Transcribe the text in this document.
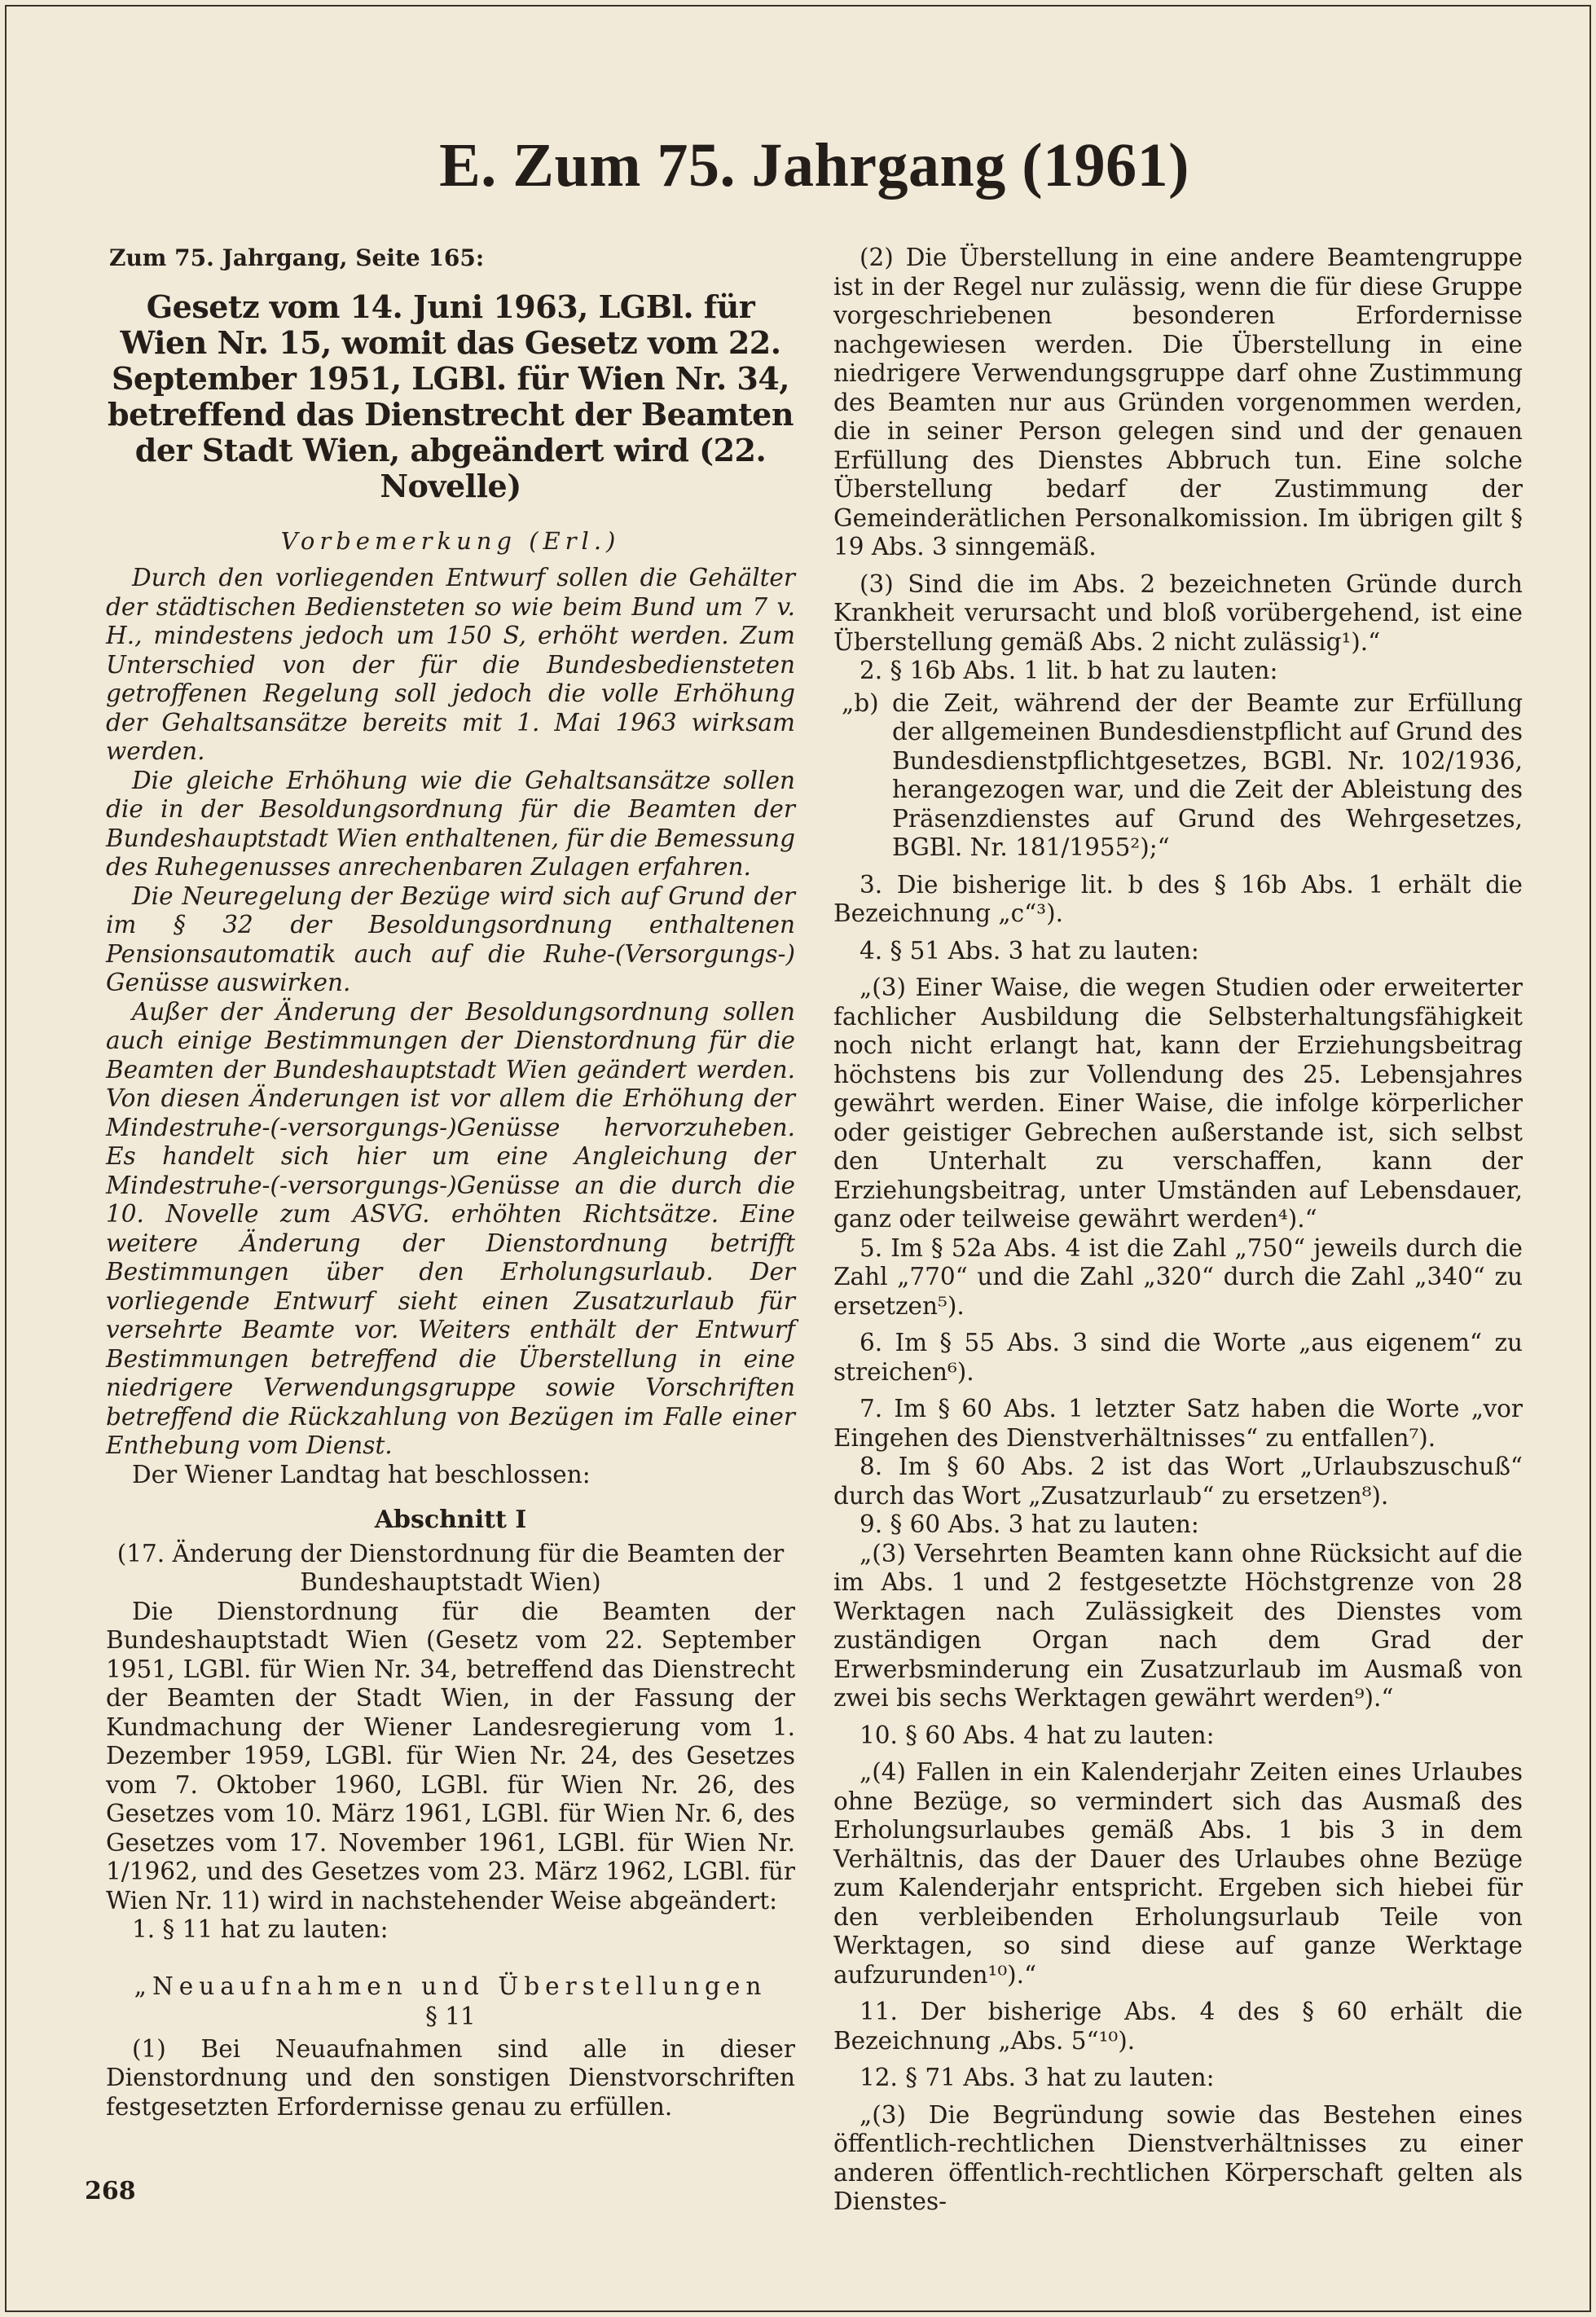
E. Zum 75. Jahrgang (1961)

Zum 75. Jahrgang, Seite 165:

Gesetz vom 14. Juni 1963, LGBl. für Wien Nr. 15, womit das Gesetz vom 22. September 1951, LGBl. für Wien Nr. 34, betreffend das Dienstrecht der Beamten der Stadt Wien, abgeändert wird (22. Novelle)

Vorbemerkung (Erl.)

Durch den vorliegenden Entwurf sollen die Gehälter der städtischen Bediensteten so wie beim Bund um 7 v. H., mindestens jedoch um 150 S, erhöht werden. Zum Unterschied von der für die Bundesbediensteten getroffenen Regelung soll jedoch die volle Erhöhung der Gehaltsansätze bereits mit 1. Mai 1963 wirksam werden.

Die gleiche Erhöhung wie die Gehaltsansätze sollen die in der Besoldungsordnung für die Beamten der Bundeshauptstadt Wien enthaltenen, für die Bemessung des Ruhegenusses anrechenbaren Zulagen erfahren.

Die Neuregelung der Bezüge wird sich auf Grund der im § 32 der Besoldungsordnung enthaltenen Pensionsautomatik auch auf die Ruhe-(Versorgungs-) Genüsse auswirken.

Außer der Änderung der Besoldungsordnung sollen auch einige Bestimmungen der Dienstordnung für die Beamten der Bundeshauptstadt Wien geändert werden. Von diesen Änderungen ist vor allem die Erhöhung der Mindestruhe-(-versorgungs-)Genüsse hervorzuheben. Es handelt sich hier um eine Angleichung der Mindestruhe-(-versorgungs-)Genüsse an die durch die 10. Novelle zum ASVG. erhöhten Richtsätze. Eine weitere Änderung der Dienstordnung betrifft Bestimmungen über den Erholungsurlaub. Der vorliegende Entwurf sieht einen Zusatzurlaub für versehrte Beamte vor. Weiters enthält der Entwurf Bestimmungen betreffend die Überstellung in eine niedrigere Verwendungsgruppe sowie Vorschriften betreffend die Rückzahlung von Bezügen im Falle einer Enthebung vom Dienst.

Der Wiener Landtag hat beschlossen:

Abschnitt I

(17. Änderung der Dienstordnung für die Beamten der Bundeshauptstadt Wien)

Die Dienstordnung für die Beamten der Bundeshauptstadt Wien (Gesetz vom 22. September 1951, LGBl. für Wien Nr. 34, betreffend das Dienstrecht der Beamten der Stadt Wien, in der Fassung der Kundmachung der Wiener Landesregierung vom 1. Dezember 1959, LGBl. für Wien Nr. 24, des Gesetzes vom 7. Oktober 1960, LGBl. für Wien Nr. 26, des Gesetzes vom 10. März 1961, LGBl. für Wien Nr. 6, des Gesetzes vom 17. November 1961, LGBl. für Wien Nr. 1/1962, und des Gesetzes vom 23. März 1962, LGBl. für Wien Nr. 11) wird in nachstehender Weise abgeändert:

1. § 11 hat zu lauten:

„Neuaufnahmen und Überstellungen

§ 11

(1) Bei Neuaufnahmen sind alle in dieser Dienstordnung und den sonstigen Dienstvorschriften festgesetzten Erfordernisse genau zu erfüllen.

(2) Die Überstellung in eine andere Beamtengruppe ist in der Regel nur zulässig, wenn die für diese Gruppe vorgeschriebenen besonderen Erfordernisse nachgewiesen werden. Die Überstellung in eine niedrigere Verwendungsgruppe darf ohne Zustimmung des Beamten nur aus Gründen vorgenommen werden, die in seiner Person gelegen sind und der genauen Erfüllung des Dienstes Abbruch tun. Eine solche Überstellung bedarf der Zustimmung der Gemeinderätlichen Personalkomission. Im übrigen gilt § 19 Abs. 3 sinngemäß.

(3) Sind die im Abs. 2 bezeichneten Gründe durch Krankheit verursacht und bloß vorübergehend, ist eine Überstellung gemäß Abs. 2 nicht zulässig¹).“

2. § 16b Abs. 1 lit. b hat zu lauten:

„b) die Zeit, während der der Beamte zur Erfüllung der allgemeinen Bundesdienstpflicht auf Grund des Bundesdienstpflichtgesetzes, BGBl. Nr. 102/1936, herangezogen war, und die Zeit der Ableistung des Präsenzdienstes auf Grund des Wehrgesetzes, BGBl. Nr. 181/1955²);“

3. Die bisherige lit. b des § 16b Abs. 1 erhält die Bezeichnung „c“³).

4. § 51 Abs. 3 hat zu lauten:

„(3) Einer Waise, die wegen Studien oder erweiterter fachlicher Ausbildung die Selbsterhaltungsfähigkeit noch nicht erlangt hat, kann der Erziehungsbeitrag höchstens bis zur Vollendung des 25. Lebensjahres gewährt werden. Einer Waise, die infolge körperlicher oder geistiger Gebrechen außerstande ist, sich selbst den Unterhalt zu verschaffen, kann der Erziehungsbeitrag, unter Umständen auf Lebensdauer, ganz oder teilweise gewährt werden⁴).“

5. Im § 52a Abs. 4 ist die Zahl „750“ jeweils durch die Zahl „770“ und die Zahl „320“ durch die Zahl „340“ zu ersetzen⁵).

6. Im § 55 Abs. 3 sind die Worte „aus eigenem“ zu streichen⁶).

7. Im § 60 Abs. 1 letzter Satz haben die Worte „vor Eingehen des Dienstverhältnisses“ zu entfallen⁷).

8. Im § 60 Abs. 2 ist das Wort „Urlaubszuschuß“ durch das Wort „Zusatzurlaub“ zu ersetzen⁸).

9. § 60 Abs. 3 hat zu lauten:

„(3) Versehrten Beamten kann ohne Rücksicht auf die im Abs. 1 und 2 festgesetzte Höchstgrenze von 28 Werktagen nach Zulässigkeit des Dienstes vom zuständigen Organ nach dem Grad der Erwerbsminderung ein Zusatzurlaub im Ausmaß von zwei bis sechs Werktagen gewährt werden⁹).“

10. § 60 Abs. 4 hat zu lauten:

„(4) Fallen in ein Kalenderjahr Zeiten eines Urlaubes ohne Bezüge, so vermindert sich das Ausmaß des Erholungsurlaubes gemäß Abs. 1 bis 3 in dem Verhältnis, das der Dauer des Urlaubes ohne Bezüge zum Kalenderjahr entspricht. Ergeben sich hiebei für den verbleibenden Erholungsurlaub Teile von Werktagen, so sind diese auf ganze Werktage aufzurunden¹⁰).“

11. Der bisherige Abs. 4 des § 60 erhält die Bezeichnung „Abs. 5“¹⁰).

12. § 71 Abs. 3 hat zu lauten:

„(3) Die Begründung sowie das Bestehen eines öffentlich-rechtlichen Dienstverhältnisses zu einer anderen öffentlich-rechtlichen Körperschaft gelten als Dienstes-

268
